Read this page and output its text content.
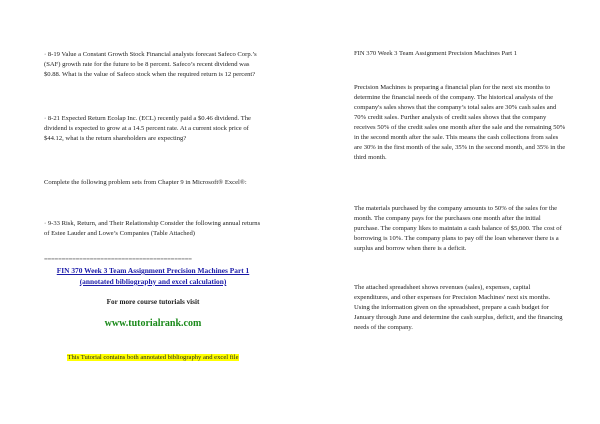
· 8-19 Value a Constant Growth Stock Financial analysts forecast Safeco Corp.’s (SAF) growth rate for the future to be 8 percent. Safeco’s recent dividend was $0.88. What is the value of Safeco stock when the required return is 12 percent?

· 8-21 Expected Return Ecolap Inc. (ECL) recently paid a $0.46 dividend. The dividend is expected to grow at a 14.5 percent rate. At a current stock price of $44.12, what is the return shareholders are expecting?

Complete the following problem sets from Chapter 9 in Microsoft® Excel®:

· 9-33 Risk, Return, and Their Relationship Consider the following annual returns of Estee Lauder and Lowe’s Companies (Table Attached)

==========================================
FIN 370 Week 3 Team Assignment Precision Machines Part 1 (annotated bibliography and excel calculation)
For more course tutorials visit
www.tutorialrank.com
This Tutorial contains both annotated bibliography and excel file

FIN 370 Week 3 Team Assignment Precision Machines Part 1

Precision Machines is preparing a financial plan for the next six months to determine the financial needs of the company. The historical analysis of the company's sales shows that the company’s total sales are 30% cash sales and 70% credit sales. Further analysis of credit sales shows that the company receives 50% of the credit sales one month after the sale and the remaining 50% in the second month after the sale. This means the cash collections from sales are 30% in the first month of the sale, 35% in the second month, and 35% in the third month.

The materials purchased by the company amounts to 50% of the sales for the month. The company pays for the purchases one month after the initial purchase. The company likes to maintain a cash balance of $5,000. The cost of borrowing is 10%. The company plans to pay off the loan whenever there is a surplus and borrow when there is a deficit.

The attached spreadsheet shows revenues (sales), expenses, capital expenditures, and other expenses for Precision Machines' next six months. Using the information given on the spreadsheet, prepare a cash budget for January through June and determine the cash surplus, deficit, and the financing needs of the company.
